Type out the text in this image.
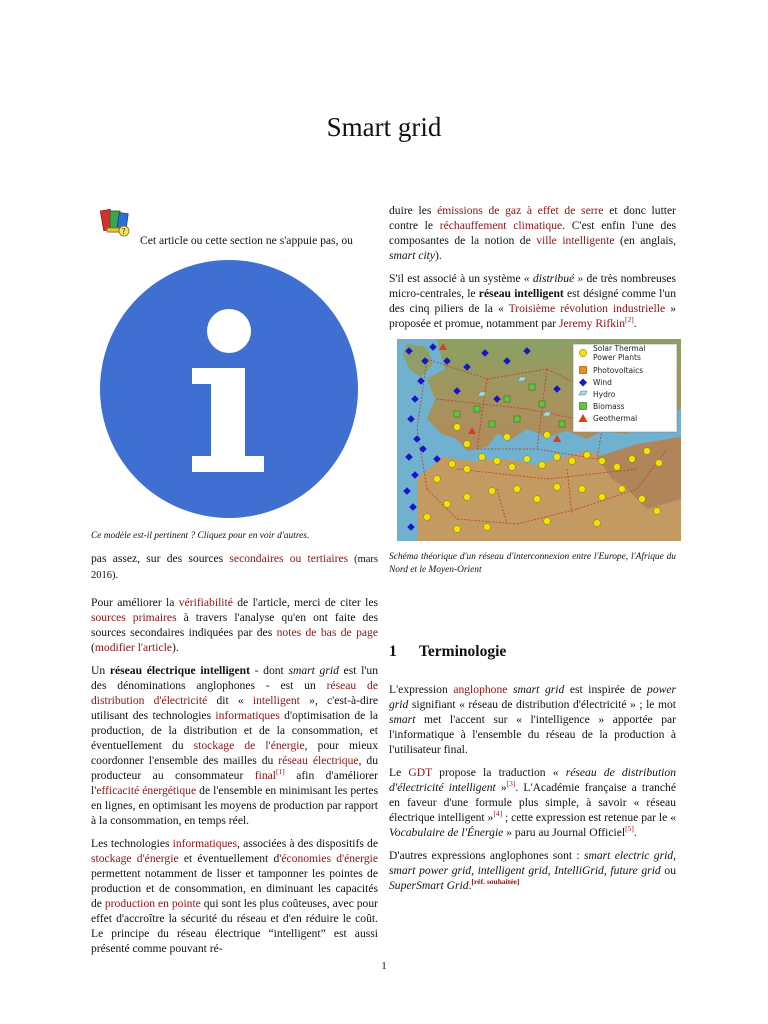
Smart grid
?
Cet article ou cette section ne s'appuie pas, ou

Ce modèle est-il pertinent ? Cliquez pour en voir d'autres.

pas assez, sur des sources secondaires ou tertiaires (mars 2016).

Pour améliorer la vérifiabilité de l'article, merci de citer les sources primaires à travers l'analyse qu'en ont faite des sources secondaires indiquées par des notes de bas de page (modifier l'article).

Un réseau électrique intelligent - dont smart grid est l'un des dénominations anglophones - est un réseau de distribution d'électricité dit « intelligent », c'est-à-dire utilisant des technologies informatiques d'optimisation de la production, de la distribution et de la consommation, et éventuellement du stockage de l'énergie, pour mieux coordonner l'ensemble des mailles du réseau électrique, du producteur au consommateur final[1] afin d'améliorer l'efficacité énergétique de l'ensemble en minimisant les pertes en lignes, en optimisant les moyens de production par rapport à la consommation, en temps réel.

Les technologies informatiques, associées à des dispositifs de stockage d'énergie et éventuellement d'économies d'énergie permettent notamment de lisser et tamponner les pointes de production et de consommation, en diminuant les capacités de production en pointe qui sont les plus coûteuses, avec pour effet d'accroître la sécurité du réseau et d'en réduire le coût. Le principe du réseau électrique “intelligent” est aussi présenté comme pouvant ré-

duire les émissions de gaz à effet de serre et donc lutter contre le réchauffement climatique. C'est enfin l'une des composantes de la notion de ville intelligente (en anglais, smart city).

S'il est associé à un système « distribué » de très nombreuses micro-centrales, le réseau intelligent est désigné comme l'un des cinq piliers de la « Troisième révolution industrielle » proposée et promue, notamment par Jeremy Rifkin[2].

Solar Thermal
Power Plants
Photovoltaics
Wind
Hydro
Biomass
Geothermal

Schéma théorique d'un réseau d'interconnexion entre l'Europe, l'Afrique du Nord et le Moyen-Orient

1 Terminologie

L'expression anglophone smart grid est inspirée de power grid signifiant « réseau de distribution d'électricité » ; le mot smart met l'accent sur « l'intelligence » apportée par l'informatique à l'ensemble du réseau de la production à l'utilisateur final.

Le GDT propose la traduction « réseau de distribution d'électricité intelligent »[3]. L'Académie française a tranché en faveur d'une formule plus simple, à savoir « réseau électrique intelligent »[4] ; cette expression est retenue par le « Vocabulaire de l'Énergie » paru au Journal Officiel[5].

D'autres expressions anglophones sont : smart electric grid, smart power grid, intelligent grid, IntelliGrid, future grid ou SuperSmart Grid.[réf. souhaitée]

1
